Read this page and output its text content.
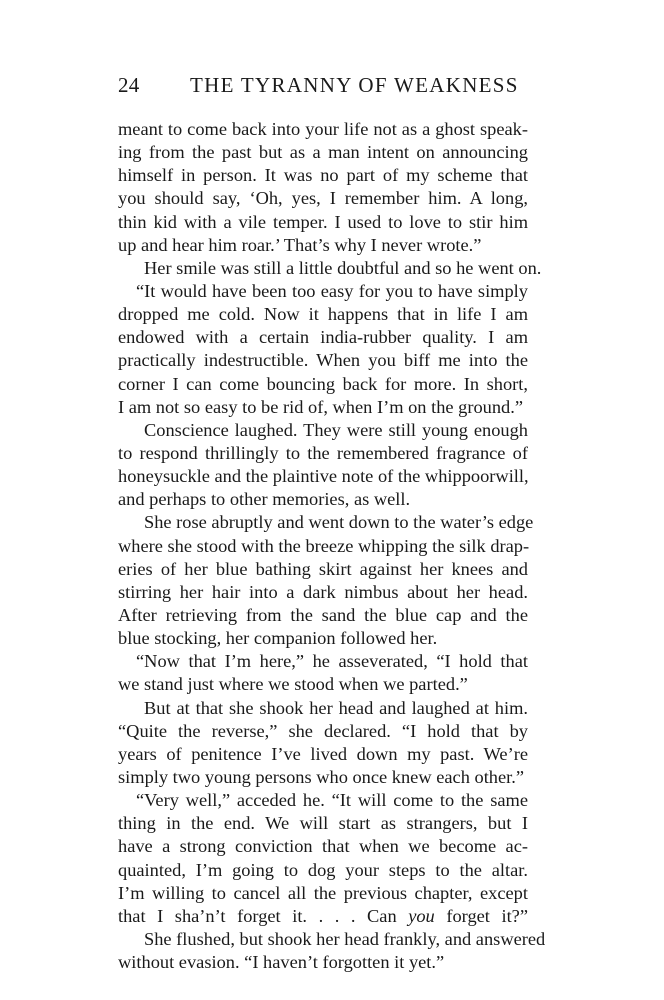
24 THE TYRANNY OF WEAKNESS
meant to come back into your life not as a ghost speak-
ing from the past but as a man intent on announcing
himself in person. It was no part of my scheme that
you should say, ‘Oh, yes, I remember him. A long,
thin kid with a vile temper. I used to love to stir him
up and hear him roar.’ That’s why I never wrote.”
Her smile was still a little doubtful and so he went on.
“It would have been too easy for you to have simply
dropped me cold. Now it happens that in life I am
endowed with a certain india-rubber quality. I am
practically indestructible. When you biff me into the
corner I can come bouncing back for more. In short,
I am not so easy to be rid of, when I’m on the ground.”
Conscience laughed. They were still young enough
to respond thrillingly to the remembered fragrance of
honeysuckle and the plaintive note of the whippoorwill,
and perhaps to other memories, as well.
She rose abruptly and went down to the water’s edge
where she stood with the breeze whipping the silk drap-
eries of her blue bathing skirt against her knees and
stirring her hair into a dark nimbus about her head.
After retrieving from the sand the blue cap and the
blue stocking, her companion followed her.
“Now that I’m here,” he asseverated, “I hold that
we stand just where we stood when we parted.”
But at that she shook her head and laughed at him.
“Quite the reverse,” she declared. “I hold that by
years of penitence I’ve lived down my past. We’re
simply two young persons who once knew each other.”
“Very well,” acceded he. “It will come to the same
thing in the end. We will start as strangers, but I
have a strong conviction that when we become ac-
quainted, I’m going to dog your steps to the altar.
I’m willing to cancel all the previous chapter, except
that I sha’n’t forget it. . . . Can you forget it?”
She flushed, but shook her head frankly, and answered
without evasion. “I haven’t forgotten it yet.”
